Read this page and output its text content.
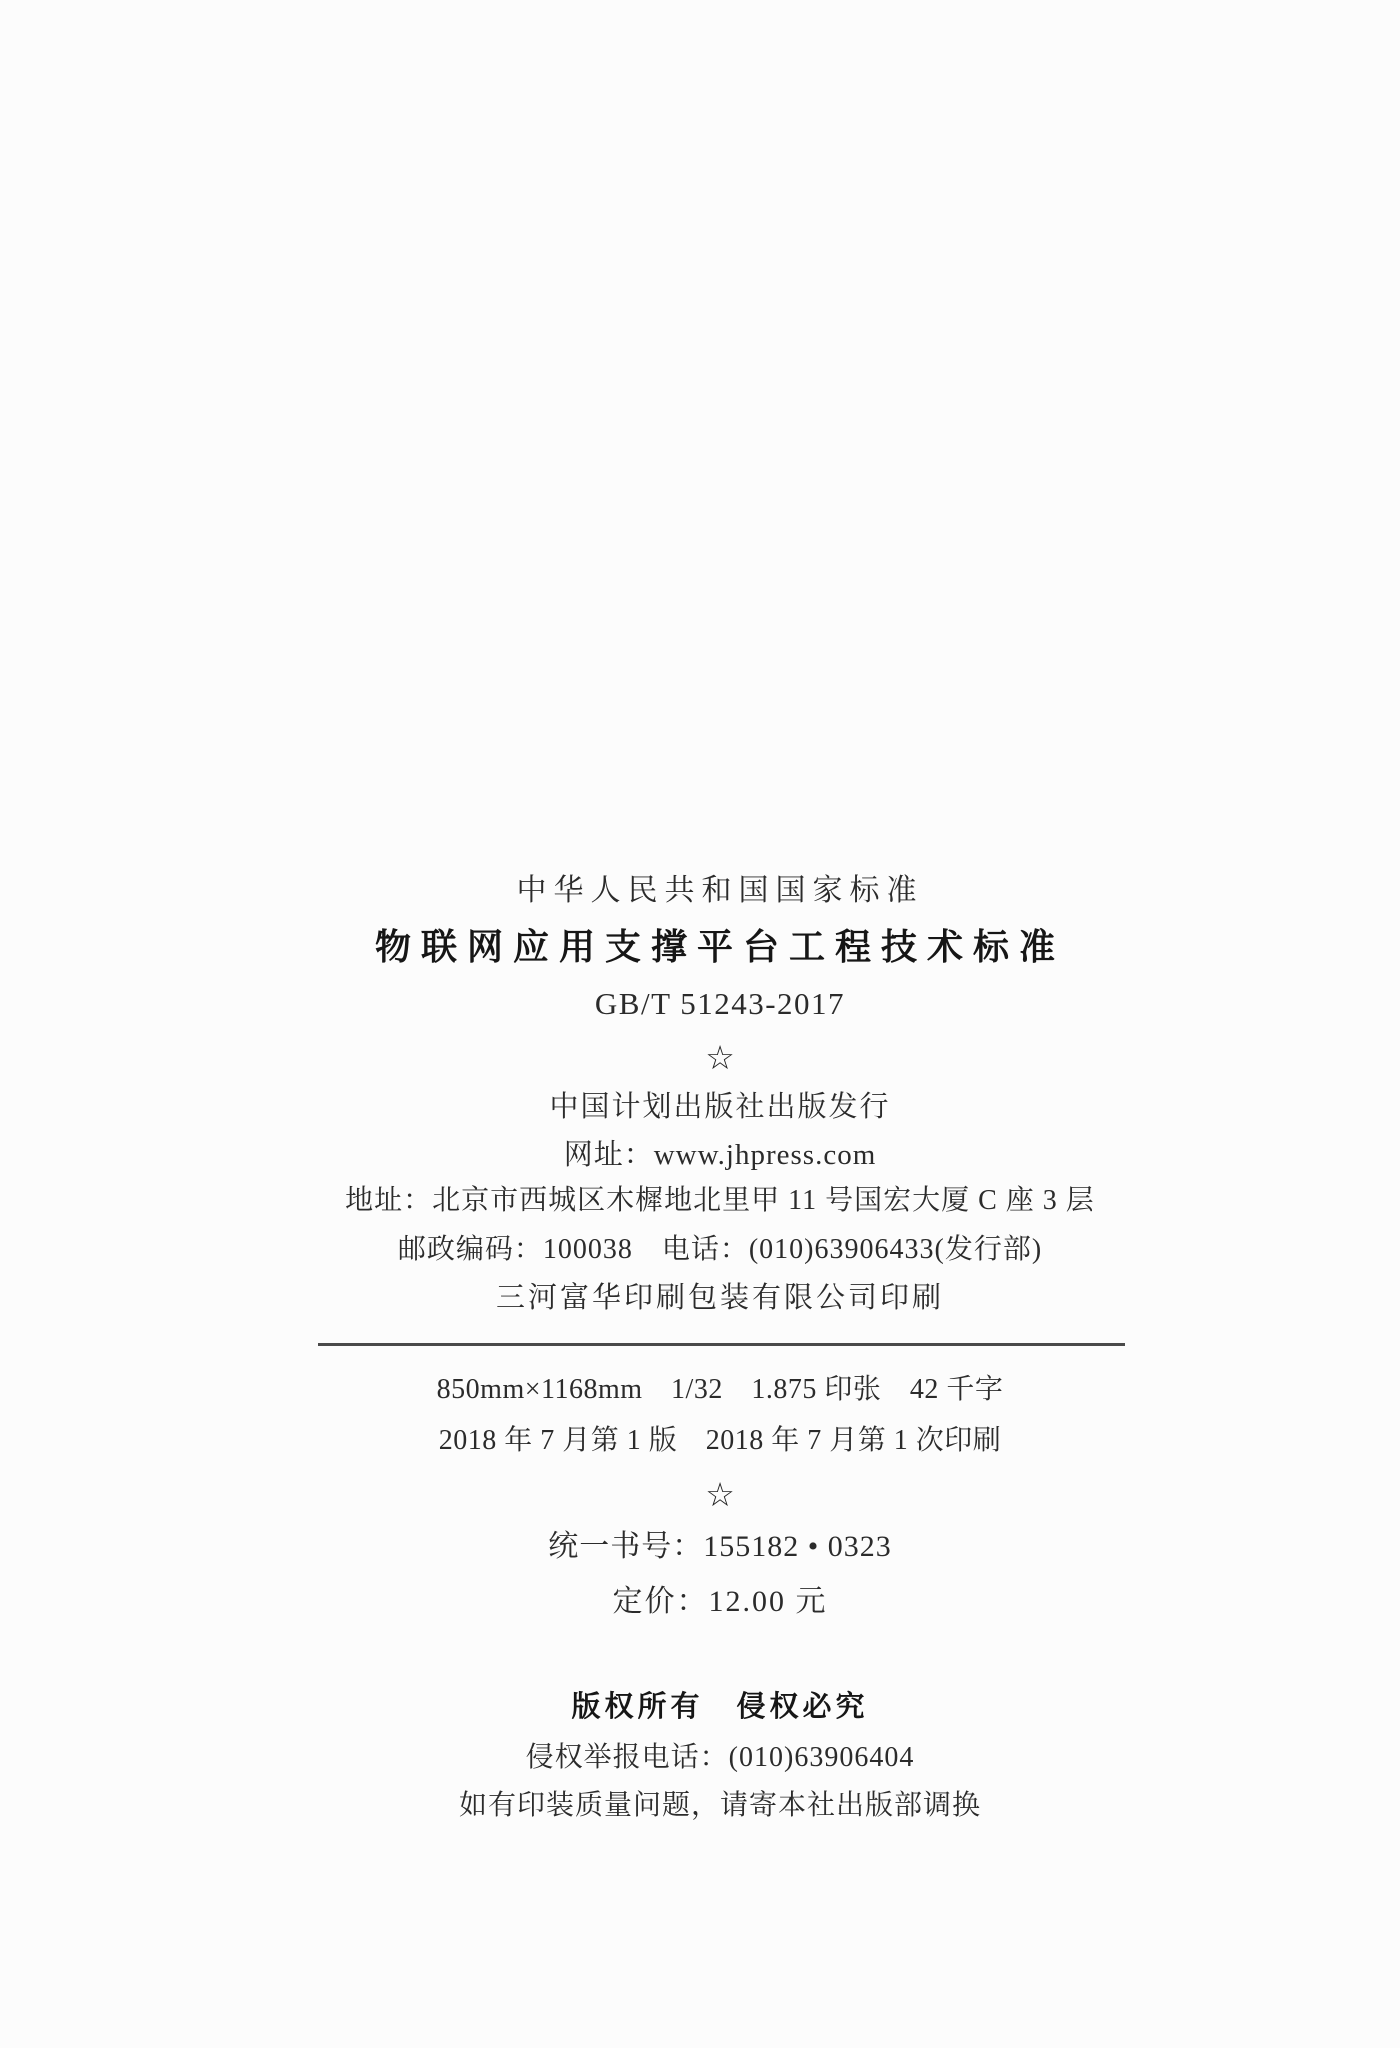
中华人民共和国国家标准
物联网应用支撑平台工程技术标准
GB/T 51243-2017
☆
中国计划出版社出版发行
网址：www.jhpress.com
地址：北京市西城区木樨地北里甲 11 号国宏大厦 C 座 3 层
邮政编码：100038　电话：(010)63906433(发行部)
三河富华印刷包装有限公司印刷
850mm×1168mm　1/32　1.875 印张　42 千字
2018 年 7 月第 1 版　2018 年 7 月第 1 次印刷
☆
统一书号：155182 • 0323
定价：12.00 元
版权所有　侵权必究
侵权举报电话：(010)63906404
如有印装质量问题，请寄本社出版部调换
